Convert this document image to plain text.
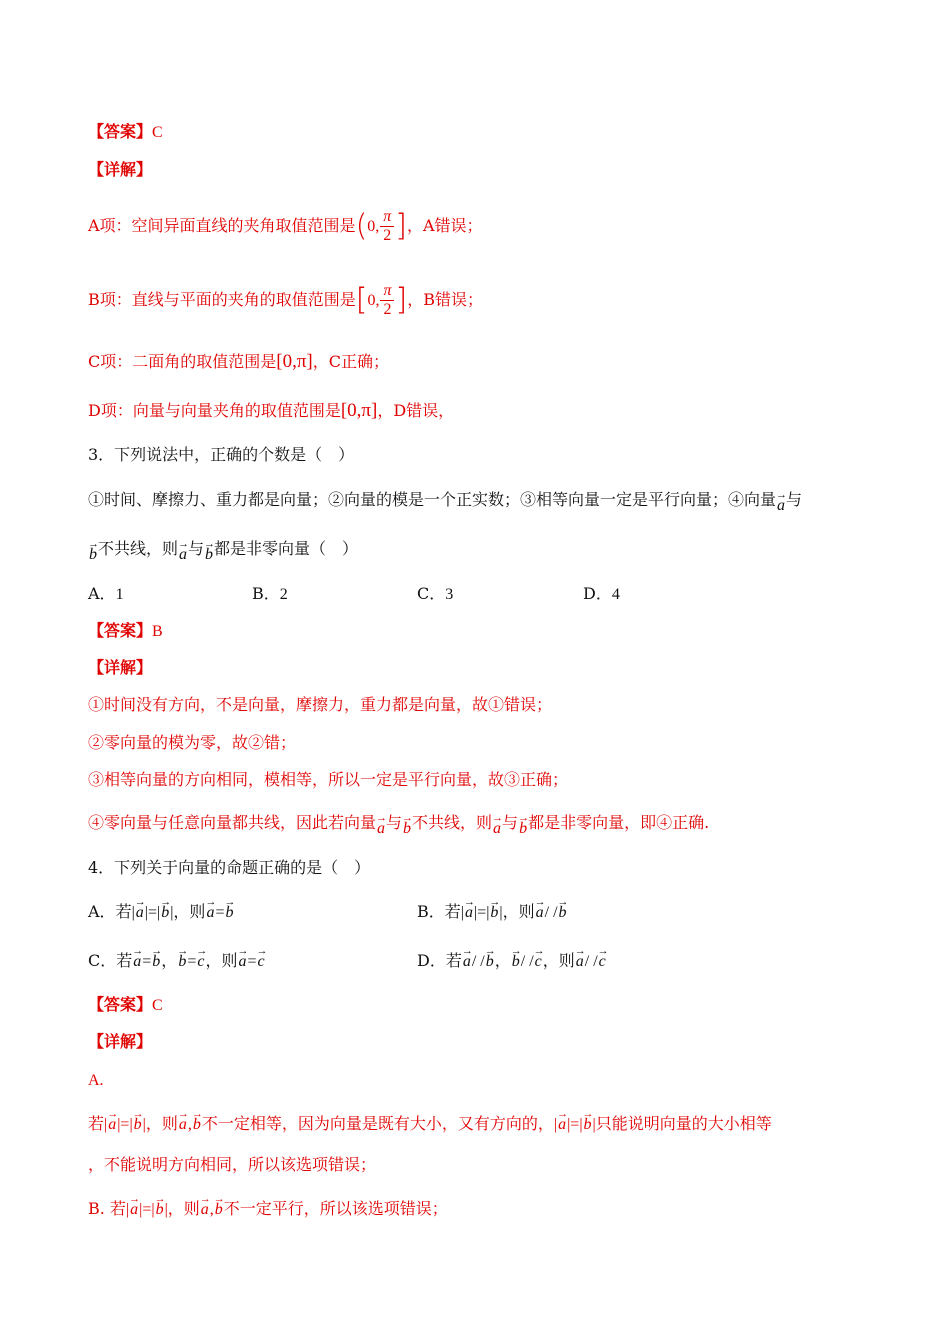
【答案】C
【详解】
A项：空间异面直线的夹角取值范围是(0, $\frac{\pi}{2}$ ]，A错误；
B项：直线与平面的夹角的取值范围是[0, $\frac{\pi}{2}$ ]，B错误；
C项：二面角的取值范围是[0,π]，C正确；
D项：向量与向量夹角的取值范围是[0,π]，D错误，
3．下列说法中，正确的个数是（　）
①时间、摩擦力、重力都是向量；②向量的模是一个正实数；③相等向量一定是平行向量；④向量→ a与
→ b不共线，则→ a与→ b都是非零向量（　）
A．1	B．2	C．3	D．4
【答案】B
【详解】
①时间没有方向，不是向量，摩擦力，重力都是向量，故①错误；
②零向量的模为零，故②错；
③相等向量的方向相同，模相等，所以一定是平行向量，故③正确；
④零向量与任意向量都共线，因此若向量→ a与→ b不共线，则→ a与→ b都是非零向量，即④正确.
4．下列关于向量的命题正确的是（　）
A．若|→ a|=|→ b|，则→ a=→ b	B．若|→ a|=|→ b|，则→ a/ /→ b
C．若→ a=→ b，→ b=→ c，则→ a=→ c	D．若→ a/ /→ b，→ b/ /→ c，则→ a/ /→ c
【答案】C
【详解】
A.
若|→ a|=|→ b|，则→ a,→ b不一定相等，因为向量是既有大小，又有方向的，|→ a|=|→ b|只能说明向量的大小相等
，不能说明方向相同，所以该选项错误；
B. 若|→ a|=|→ b|，则→ a,→ b不一定平行，所以该选项错误；
